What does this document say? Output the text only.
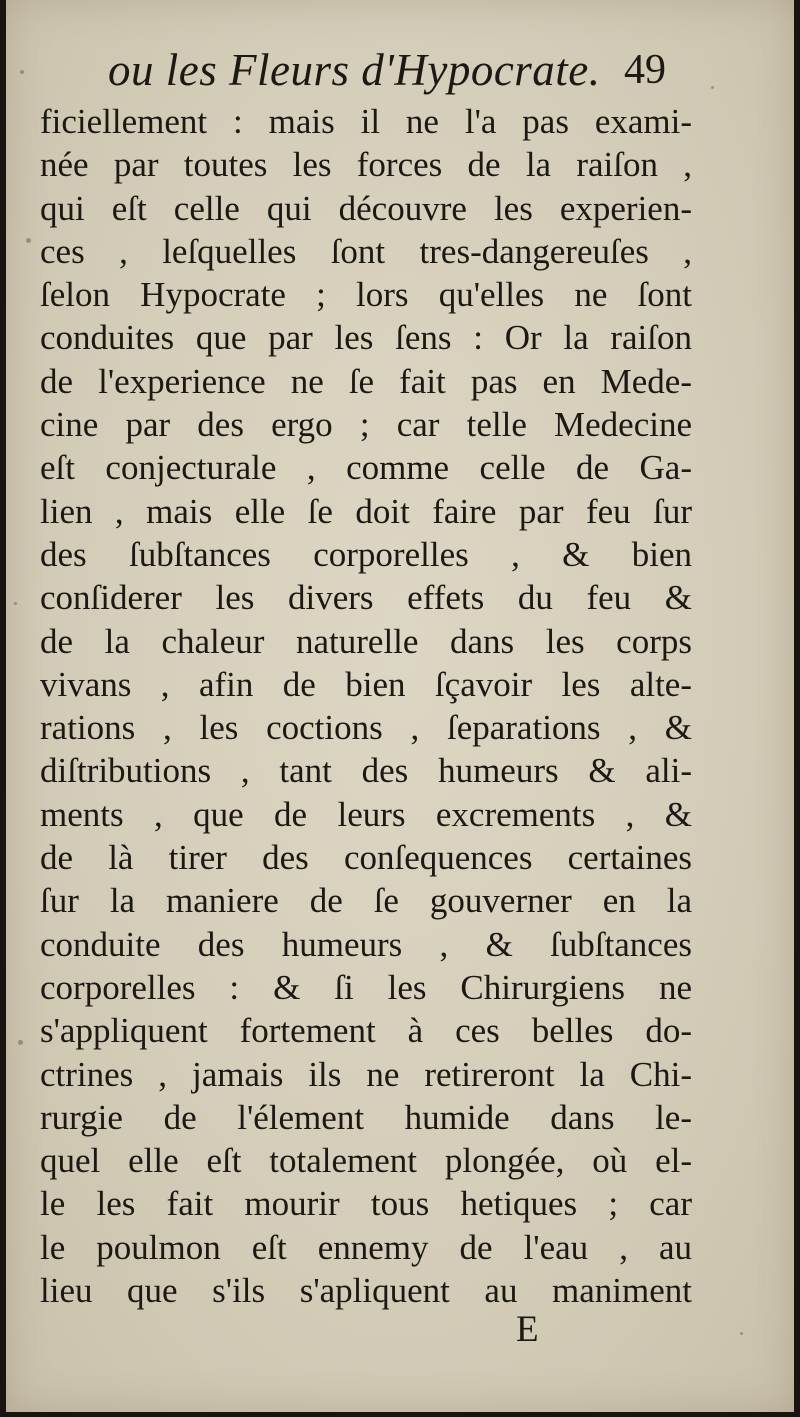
ou les Fleurs d'Hypocrate. 49
ficiellement : mais il ne l'a pas exami-
née par toutes les forces de la raiſon ,
qui eſt celle qui découvre les experien-
ces , leſquelles ſont tres-dangereuſes ,
ſelon Hypocrate ; lors qu'elles ne ſont
conduites que par les ſens : Or la raiſon
de l'experience ne ſe fait pas en Mede-
cine par des ergo ; car telle Medecine
eſt conjecturale , comme celle de Ga-
lien , mais elle ſe doit faire par feu ſur
des ſubſtances corporelles , & bien
conſiderer les divers effets du feu &
de la chaleur naturelle dans les corps
vivans , afin de bien ſçavoir les alte-
rations , les coctions , ſeparations , &
diſtributions , tant des humeurs & ali-
ments , que de leurs excrements , &
de là tirer des conſequences certaines
ſur la maniere de ſe gouverner en la
conduite des humeurs , & ſubſtances
corporelles : & ſi les Chirurgiens ne
s'appliquent fortement à ces belles do-
ctrines , jamais ils ne retireront la Chi-
rurgie de l'élement humide dans le-
quel elle eſt totalement plongée, où el-
le les fait mourir tous hetiques ; car
le poulmon eſt ennemy de l'eau , au
lieu que s'ils s'apliquent au maniment
E
